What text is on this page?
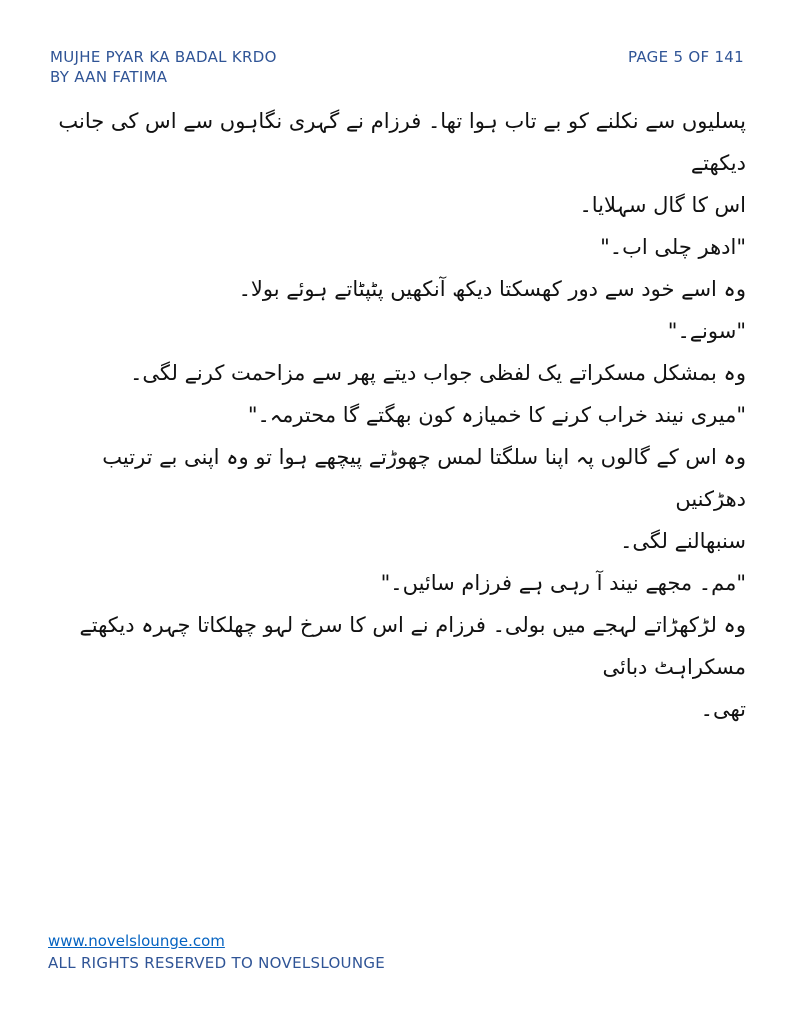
MUJHE PYAR KA BADAL KRDO
BY AAN FATIMA
PAGE 5 OF 141

پسلیوں سے نکلنے کو بے تاب ہوا تھا۔ فرزام نے گہری نگاہوں سے اس کی جانب دیکھتے

اس کا گال سہلایا۔

"ادھر چلی اب۔"

وہ اسے خود سے دور کھسکتا دیکھ آنکھیں پٹپٹاتے ہوئے بولا۔

"سونے۔"

وہ بمشکل مسکراتے یک لفظی جواب دیتے پھر سے مزاحمت کرنے لگی۔

"میری نیند خراب کرنے کا خمیازہ کون بھگتے گا محترمہ۔"

وہ اس کے گالوں پہ اپنا سلگتا لمس چھوڑتے پیچھے ہوا تو وہ اپنی بے ترتیب دھڑکنیں

سنبھالنے لگی۔

"مم۔ مجھے نیند آ رہی ہے فرزام سائیں۔"

وہ لڑکھڑاتے لہجے میں بولی۔ فرزام نے اس کا سرخ لہو چھلکاتا چہرہ دیکھتے مسکراہٹ دبائی

تھی۔

www.novelslounge.com
ALL RIGHTS RESERVED TO NOVELSLOUNGE
